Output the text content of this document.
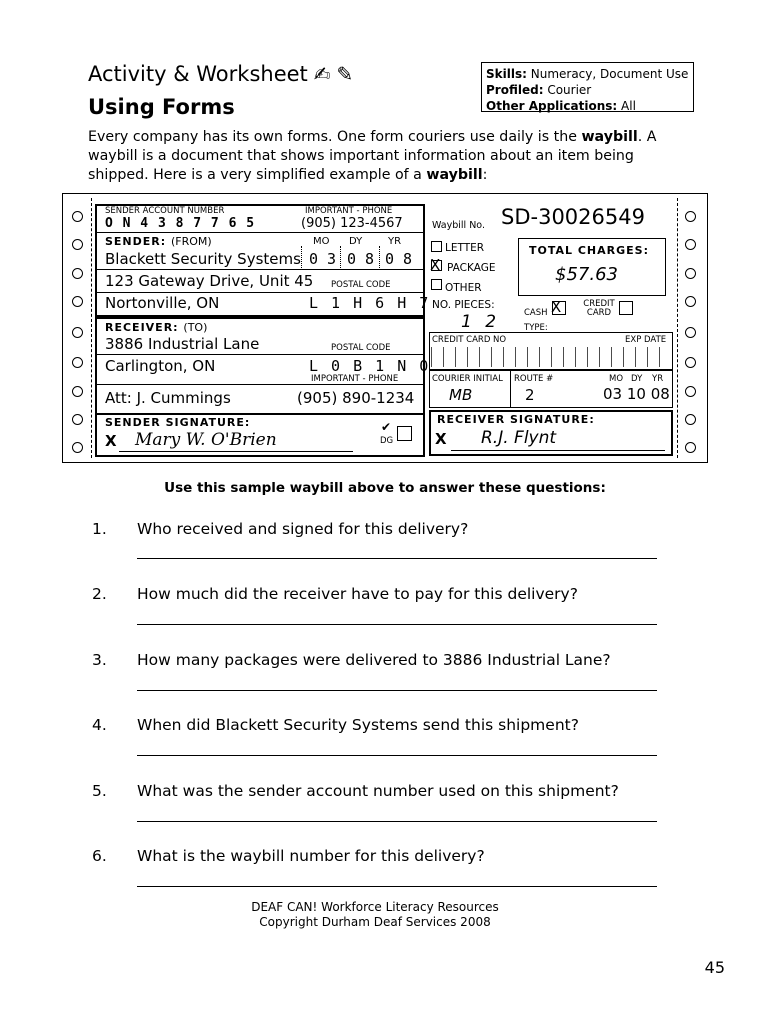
Activity & Worksheet ✍✎
Using Forms
Skills: Numeracy, Document Use
Profiled: Courier
Other Applications: All
Every company has its own forms. One form couriers use daily is the waybill. A waybill is a document that shows important information about an item being shipped. Here is a very simplified example of a waybill:
SENDER ACCOUNT NUMBER
O N 4 3 8 7 7 6 5
IMPORTANT - PHONE
(905) 123-4567
SENDER: (FROM)	MO DY	YR
0 3 0 8 0 8
Blackett Security Systems
123 Gateway Drive, Unit 45 POSTAL CODE
Nortonville, ON	L 1 H 6 H 7
RECEIVER: (TO)
3886 Industrial Lane	POSTAL CODE
Carlington, ON	L 0 B 1 N 0
IMPORTANT - PHONE
Att: J. Cummings	(905) 890-1234
SENDER SIGNATURE:
X Mary W. O'Brien
✔
DG
Waybill No. SD-30026549
LETTER
X PACKAGE
OTHER
NO. PIECES:
TOTAL CHARGES:
$57.63
1 2	CASH X	CREDIT CARD
TYPE:
CREDIT CARD NO	EXP DATE
COURIER INITIAL ROUTE #	MO DY YR
MB	2	03 10 08
RECEIVER SIGNATURE:
X R.J. Flynt
Use this sample waybill above to answer these questions:
1. Who received and signed for this delivery?
2. How much did the receiver have to pay for this delivery?
3. How many packages were delivered to 3886 Industrial Lane?
4. When did Blackett Security Systems send this shipment?
5. What was the sender account number used on this shipment?
6. What is the waybill number for this delivery?
DEAF CAN! Workforce Literacy Resources
Copyright Durham Deaf Services 2008
45
